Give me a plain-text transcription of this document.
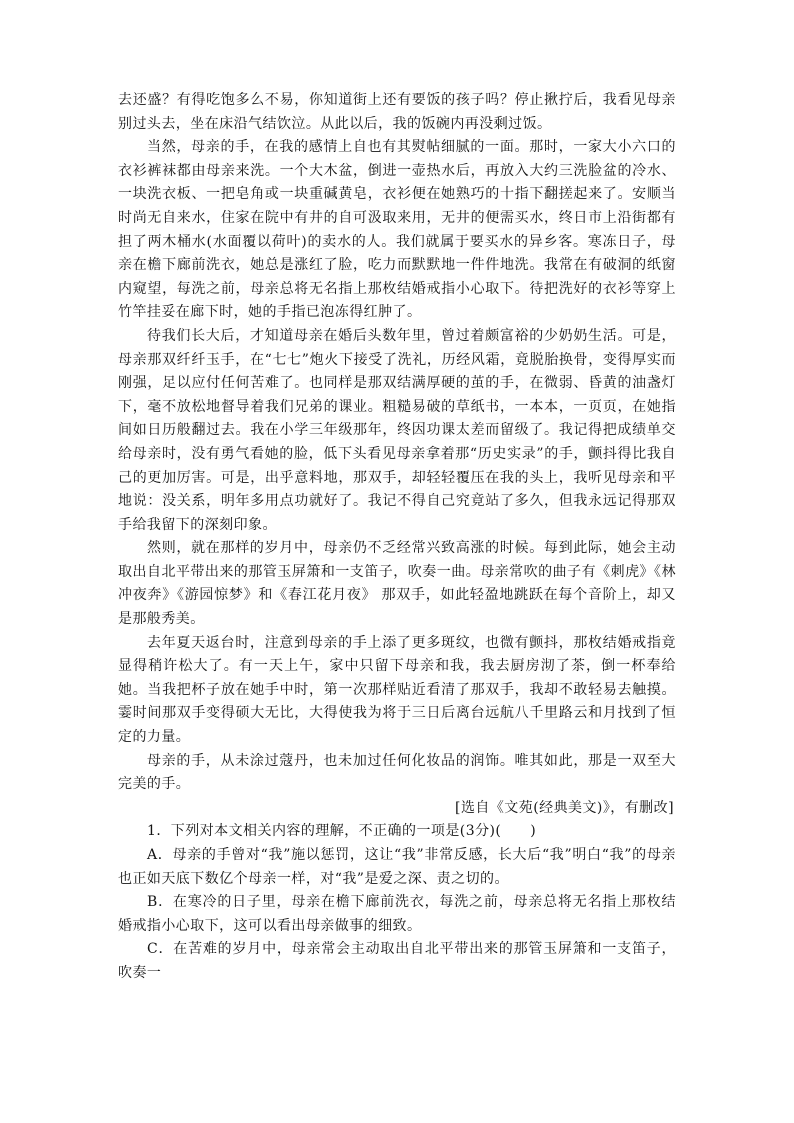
去还盛？有得吃饱多么不易，你知道街上还有要饭的孩子吗？停止揪拧后，我看见母亲别过头去，坐在床沿气结饮泣。从此以后，我的饭碗内再没剩过饭。

当然，母亲的手，在我的感情上自也有其熨帖细腻的一面。那时，一家大小六口的衣衫裤袜都由母亲来洗。一个大木盆，倒进一壶热水后，再放入大约三洗脸盆的冷水、一块洗衣板、一把皂角或一块重碱黄皂，衣衫便在她熟巧的十指下翻搓起来了。安顺当时尚无自来水，住家在院中有井的自可汲取来用，无井的便需买水，终日市上沿街都有担了两木桶水(水面覆以荷叶)的卖水的人。我们就属于要买水的异乡客。寒冻日子，母亲在檐下廊前洗衣，她总是涨红了脸，吃力而默默地一件件地洗。我常在有破洞的纸窗内窥望，每洗之前，母亲总将无名指上那枚结婚戒指小心取下。待把洗好的衣衫等穿上竹竿挂妥在廊下时，她的手指已泡冻得红肿了。

待我们长大后，才知道母亲在婚后头数年里，曾过着颇富裕的少奶奶生活。可是，母亲那双纤纤玉手，在“七七”炮火下接受了洗礼，历经风霜，竟脱胎换骨，变得厚实而刚强，足以应付任何苦难了。也同样是那双结满厚硬的茧的手，在微弱、昏黄的油盏灯下，毫不放松地督导着我们兄弟的课业。粗糙易破的草纸书，一本本，一页页，在她指间如日历般翻过去。我在小学三年级那年，终因功课太差而留级了。我记得把成绩单交给母亲时，没有勇气看她的脸，低下头看见母亲拿着那“历史实录”的手，颤抖得比我自己的更加厉害。可是，出乎意料地，那双手，却轻轻覆压在我的头上，我听见母亲和平地说：没关系，明年多用点功就好了。我记不得自己究竟站了多久，但我永远记得那双手给我留下的深刻印象。

然则，就在那样的岁月中，母亲仍不乏经常兴致高涨的时候。每到此际，她会主动取出自北平带出来的那管玉屏箫和一支笛子，吹奏一曲。母亲常吹的曲子有《刺虎》《林冲夜奔》《游园惊梦》和《春江花月夜》 那双手，如此轻盈地跳跃在每个音阶上，却又是那般秀美。

去年夏天返台时，注意到母亲的手上添了更多斑纹，也微有颤抖，那枚结婚戒指竟显得稍许松大了。有一天上午，家中只留下母亲和我，我去厨房沏了茶，倒一杯奉给她。当我把杯子放在她手中时，第一次那样贴近看清了那双手，我却不敢轻易去触摸。霎时间那双手变得硕大无比，大得使我为将于三日后离台远航八千里路云和月找到了恒定的力量。

母亲的手，从未涂过蔻丹，也未加过任何化妆品的润饰。唯其如此，那是一双至大完美的手。

[选自《文苑(经典美文)》，有删改]

1．下列对本文相关内容的理解，不正确的一项是(3分)(　　)

A．母亲的手曾对“我”施以惩罚，这让“我”非常反感，长大后“我”明白“我”的母亲也正如天底下数亿个母亲一样，对“我”是爱之深、责之切的。

B．在寒冷的日子里，母亲在檐下廊前洗衣，每洗之前，母亲总将无名指上那枚结婚戒指小心取下，这可以看出母亲做事的细致。

C．在苦难的岁月中，母亲常会主动取出自北平带出来的那管玉屏箫和一支笛子，吹奏一
